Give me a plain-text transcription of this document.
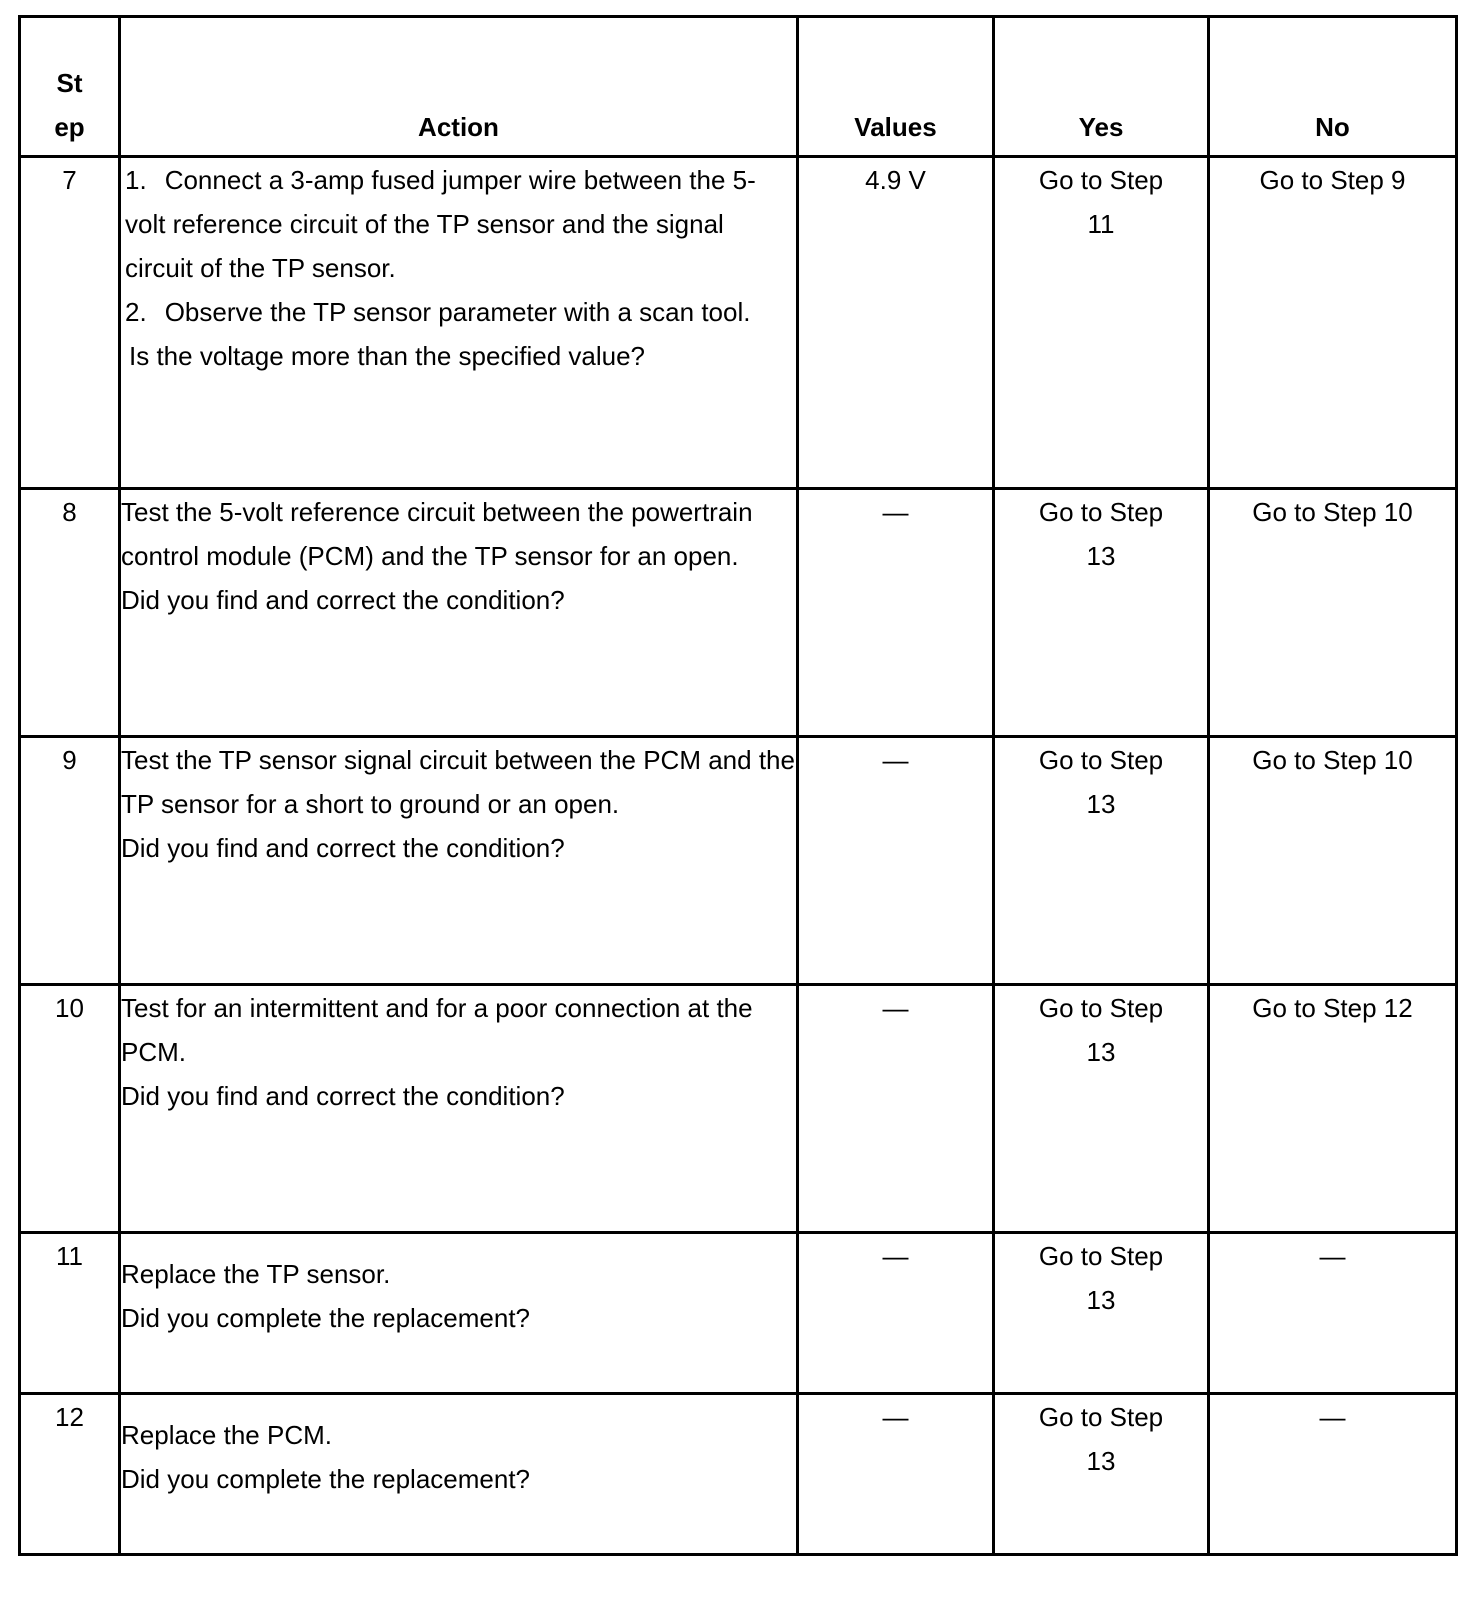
St
ep	Action	Values	Yes	No
7	1. Connect a 3-amp fused jumper wire between the 5-volt reference circuit of the TP sensor and the signal circuit of the TP sensor.
2. Observe the TP sensor parameter with a scan tool.
Is the voltage more than the specified value?	4.9 V	Go to Step 11	Go to Step 9
8	Test the 5-volt reference circuit between the powertrain control module (PCM) and the TP sensor for an open.
Did you find and correct the condition?	—	Go to Step 13	Go to Step 10
9	Test the TP sensor signal circuit between the PCM and the TP sensor for a short to ground or an open.
Did you find and correct the condition?	—	Go to Step 13	Go to Step 10
10	Test for an intermittent and for a poor connection at the PCM.
Did you find and correct the condition?	—	Go to Step 13	Go to Step 12
11	Replace the TP sensor.
Did you complete the replacement?	—	Go to Step 13	—
12	Replace the PCM.
Did you complete the replacement?	—	Go to Step 13	—
